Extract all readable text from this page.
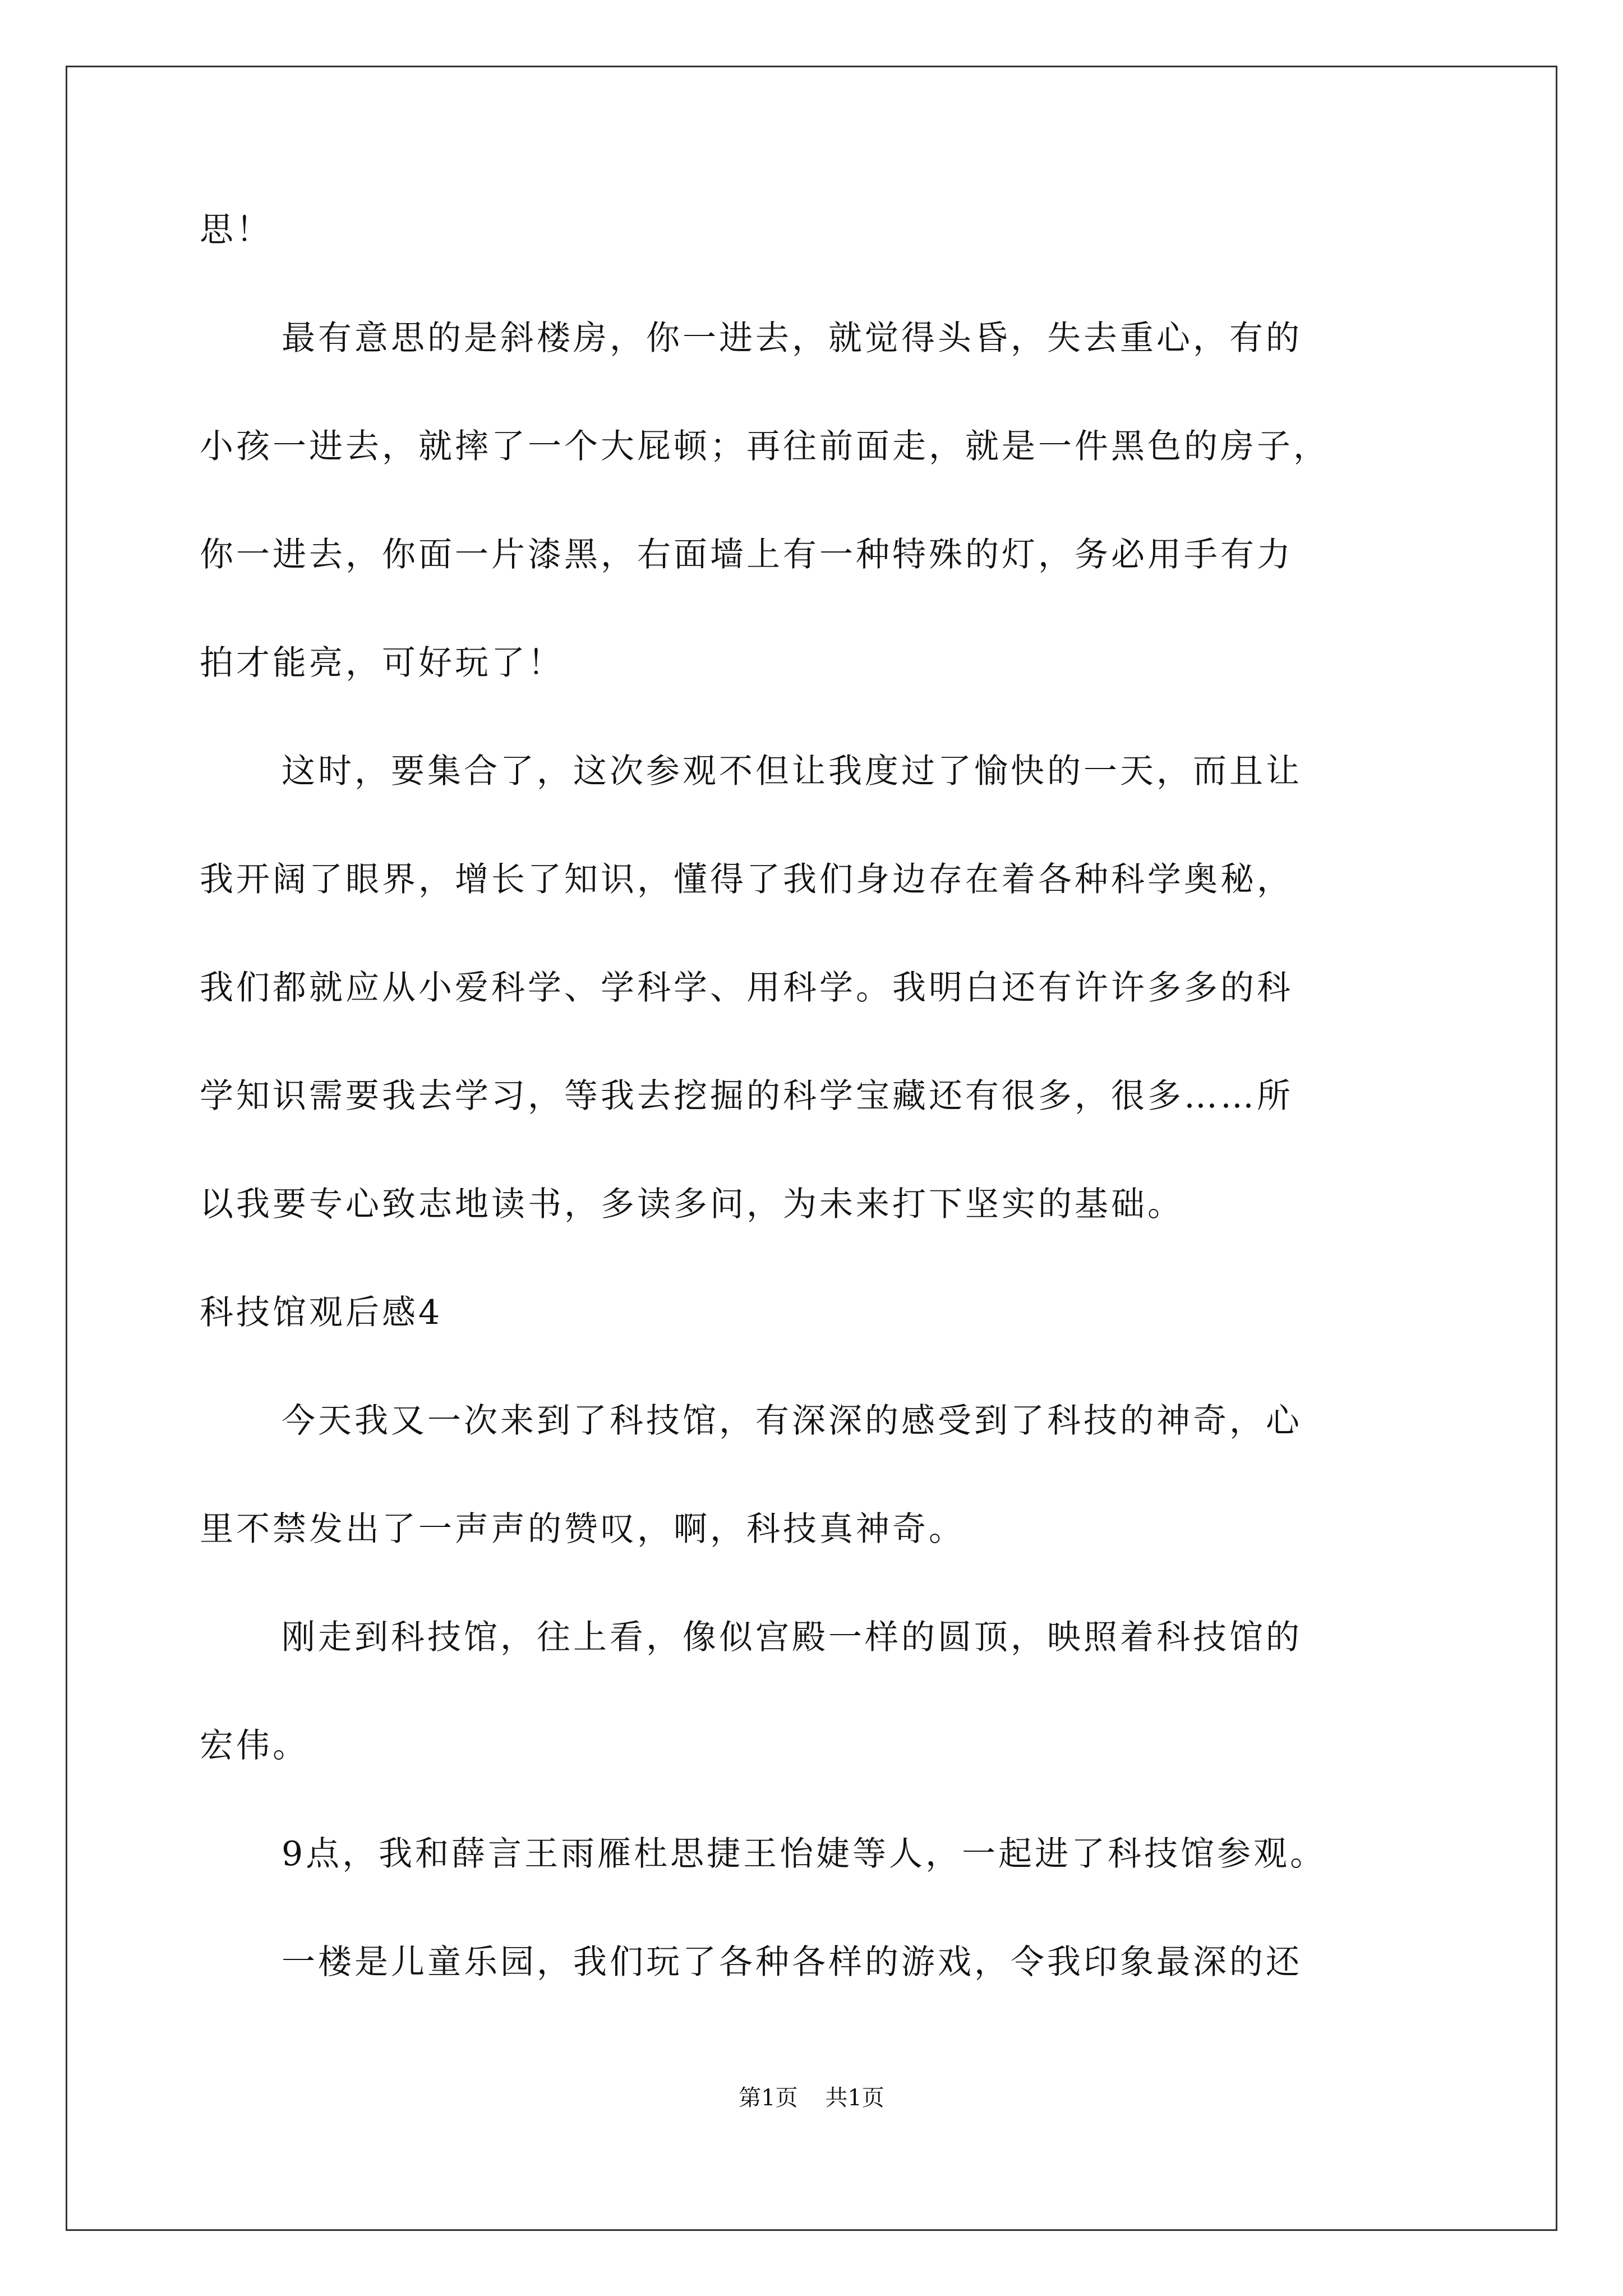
思！
最有意思的是斜楼房，你一进去，就觉得头昏，失去重心，有的
小孩一进去，就摔了一个大屁顿；再往前面走，就是一件黑色的房子，
你一进去，你面一片漆黑，右面墙上有一种特殊的灯，务必用手有力
拍才能亮，可好玩了！
这时，要集合了，这次参观不但让我度过了愉快的一天，而且让
我开阔了眼界，增长了知识，懂得了我们身边存在着各种科学奥秘，
我们都就应从小爱科学、学科学、用科学。我明白还有许许多多的科
学知识需要我去学习，等我去挖掘的科学宝藏还有很多，很多……所
以我要专心致志地读书，多读多问，为未来打下坚实的基础。
科技馆观后感4
今天我又一次来到了科技馆，有深深的感受到了科技的神奇，心
里不禁发出了一声声的赞叹，啊，科技真神奇。
刚走到科技馆，往上看，像似宫殿一样的圆顶，映照着科技馆的
宏伟。
9点，我和薛言王雨雁杜思捷王怡婕等人，一起进了科技馆参观。
一楼是儿童乐园，我们玩了各种各样的游戏，令我印象最深的还
第1页 共1页
